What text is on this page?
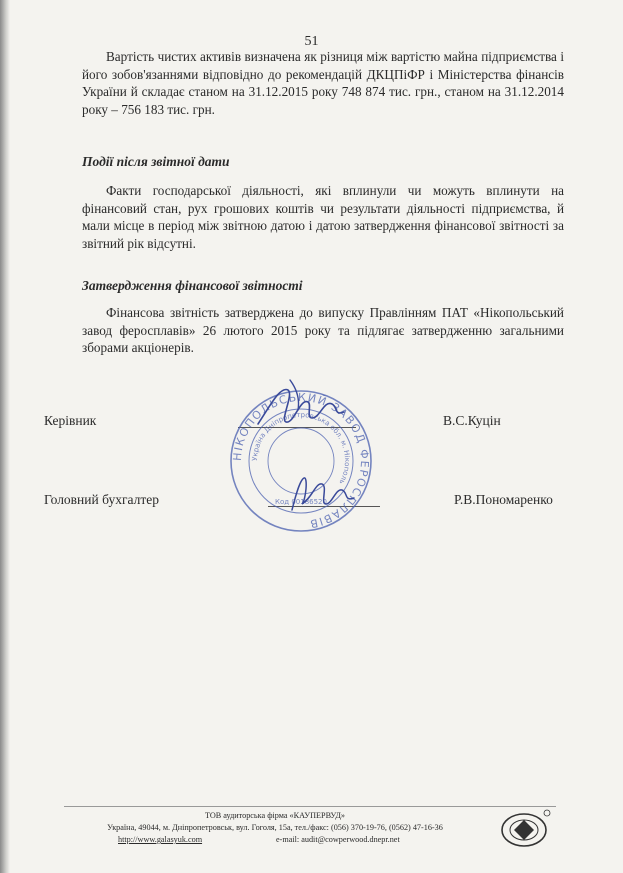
51

Вартість чистих активів визначена як різниця між вартістю майна підприємства і його зобов'язаннями відповідно до рекомендацій ДКЦПіФР і Міністерства фінансів України й складає станом на 31.12.2015 року 748 874 тис. грн., станом на 31.12.2014 року – 756 183 тис. грн.

Події після звітної дати

Факти господарської діяльності, які вплинули чи можуть вплинути на фінансовий стан, рух грошових коштів чи результати діяльності підприємства, й мали місце в період між звітною датою і датою затвердження фінансової звітності за звітний рік відсутні.

Затвердження фінансової звітності

Фінансова звітність затверджена до випуску Правлінням ПАТ «Нікопольський завод феросплавів» 26 лютого 2015 року та підлягає затвердженню загальними зборами акціонерів.

Керівник	В.С.Куцін

Головний бухгалтер	Р.В.Пономаренко

НІКОПОЛЬСЬКИЙ ЗАВОД ФЕРОСПЛАВІВ
Україна Дніпропетровська обл. м. Нікополь
Код 00186520

ТОВ аудиторська фірма «КАУПЕРВУД»

Україна, 49044, м. Дніпропетровськ, вул. Гоголя, 15а, тел./факс: (056) 370-19-76, (0562) 47-16-36

http://www.galasyuk.com	e-mail: audit@cowperwood.dnepr.net
